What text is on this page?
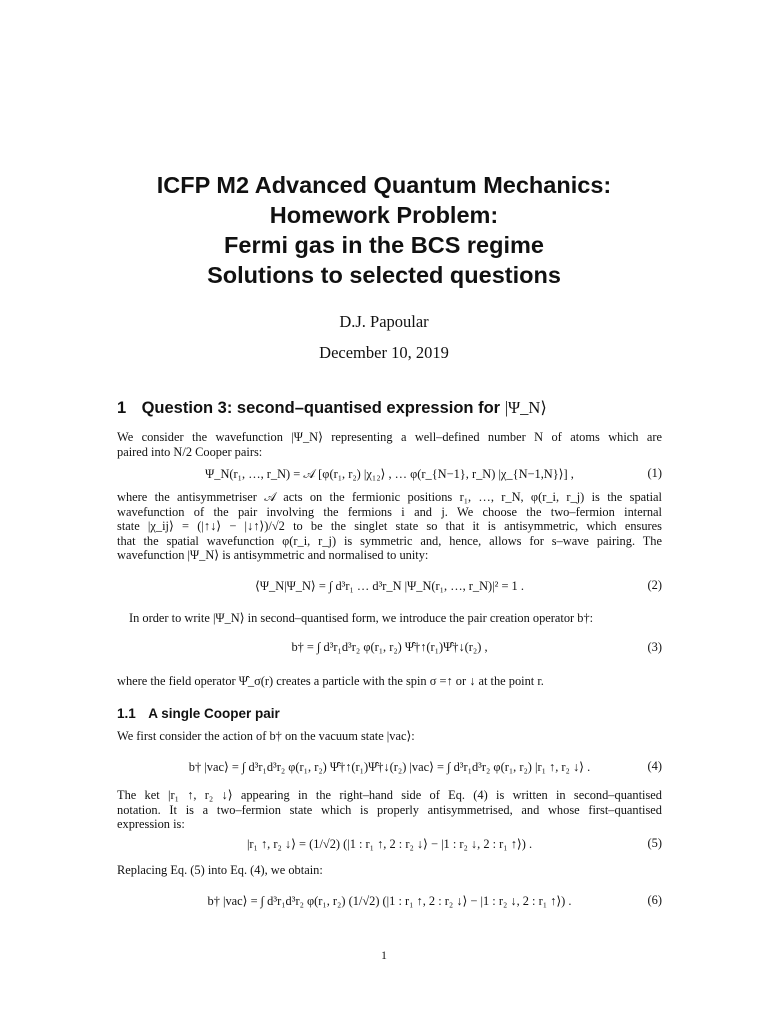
ICFP M2 Advanced Quantum Mechanics:
Homework Problem:
Fermi gas in the BCS regime
Solutions to selected questions
D.J. Papoular
December 10, 2019
1 Question 3: second–quantised expression for |Ψ_N⟩
We consider the wavefunction |Ψ_N⟩ representing a well–defined number N of atoms which are
paired into N/2 Cooper pairs:
Ψ_N(r₁, …, r_N) = 𝒜 [φ(r₁, r₂) |χ₁₂⟩ , … φ(r_{N−1}, r_N) |χ_{N−1,N}⟩] ,	(1)
where the antisymmetriser 𝒜 acts on the fermionic positions r₁, …, r_N, φ(r_i, r_j) is the spatial
wavefunction of the pair involving the fermions i and j. We choose the two–fermion internal
state |χ_ij⟩ = (|↑↓⟩ − |↓↑⟩)/√2 to be the singlet state so that it is antisymmetric, which ensures
that the spatial wavefunction φ(r_i, r_j) is symmetric and, hence, allows for s–wave pairing. The
wavefunction |Ψ_N⟩ is antisymmetric and normalised to unity:
⟨Ψ_N|Ψ_N⟩ = ∫ d³r₁ … d³r_N |Ψ_N(r₁, …, r_N)|² = 1 .	(2)
In order to write |Ψ_N⟩ in second–quantised form, we introduce the pair creation operator b†:
b† = ∫ d³r₁d³r₂ φ(r₁, r₂) Ψ̂†↑(r₁)Ψ̂†↓(r₂) ,	(3)
where the field operator Ψ̂_σ(r) creates a particle with the spin σ =↑ or ↓ at the point r.
1.1 A single Cooper pair
We first consider the action of b† on the vacuum state |vac⟩:
b† |vac⟩ = ∫ d³r₁d³r₂ φ(r₁, r₂) Ψ̂†↑(r₁)Ψ̂†↓(r₂) |vac⟩ = ∫ d³r₁d³r₂ φ(r₁, r₂) |r₁ ↑, r₂ ↓⟩ .	(4)
The ket |r₁ ↑, r₂ ↓⟩ appearing in the right–hand side of Eq. (4) is written in second–quantised
notation. It is a two–fermion state which is properly antisymmetrised, and whose first–quantised
expression is:
|r₁ ↑, r₂ ↓⟩ = (1/√2) (|1 : r₁ ↑, 2 : r₂ ↓⟩ − |1 : r₂ ↓, 2 : r₁ ↑⟩) .	(5)
Replacing Eq. (5) into Eq. (4), we obtain:
b† |vac⟩ = ∫ d³r₁d³r₂ φ(r₁, r₂) (1/√2) (|1 : r₁ ↑, 2 : r₂ ↓⟩ − |1 : r₂ ↓, 2 : r₁ ↑⟩) .	(6)
1
